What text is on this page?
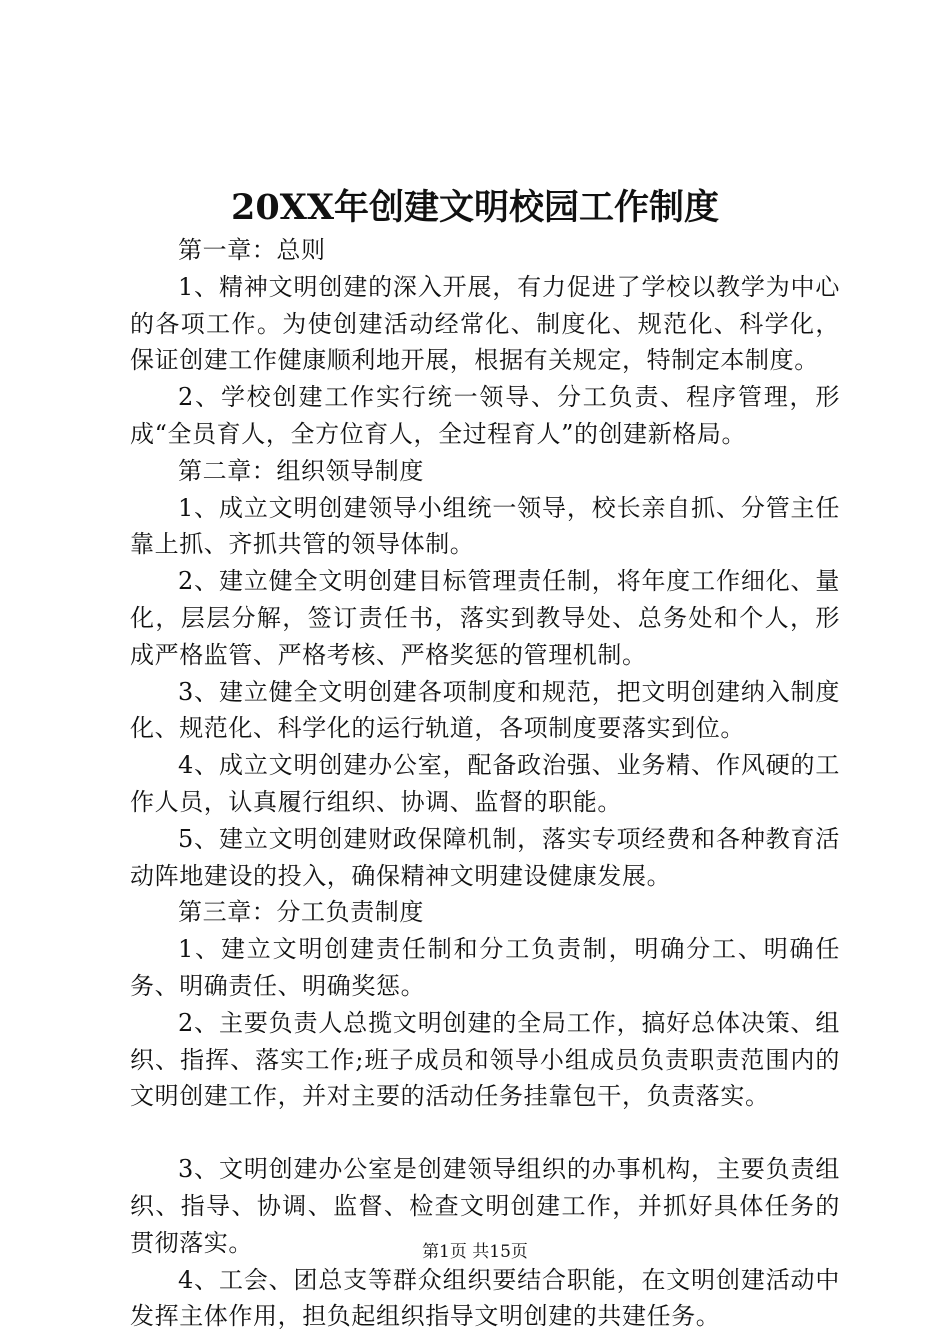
20XX年创建文明校园工作制度

第一章：总则

1、精神文明创建的深入开展，有力促进了学校以教学为中心的各项工作。为使创建活动经常化、制度化、规范化、科学化，保证创建工作健康顺利地开展，根据有关规定，特制定本制度。

2、学校创建工作实行统一领导、分工负责、程序管理，形成“全员育人，全方位育人，全过程育人”的创建新格局。

第二章：组织领导制度

1、成立文明创建领导小组统一领导，校长亲自抓、分管主任靠上抓、齐抓共管的领导体制。

2、建立健全文明创建目标管理责任制，将年度工作细化、量化，层层分解，签订责任书，落实到教导处、总务处和个人，形成严格监管、严格考核、严格奖惩的管理机制。

3、建立健全文明创建各项制度和规范，把文明创建纳入制度化、规范化、科学化的运行轨道，各项制度要落实到位。

4、成立文明创建办公室，配备政治强、业务精、作风硬的工作人员，认真履行组织、协调、监督的职能。

5、建立文明创建财政保障机制，落实专项经费和各种教育活动阵地建设的投入，确保精神文明建设健康发展。

第三章：分工负责制度

1、建立文明创建责任制和分工负责制，明确分工、明确任务、明确责任、明确奖惩。

2、主要负责人总揽文明创建的全局工作，搞好总体决策、组织、指挥、落实工作;班子成员和领导小组成员负责职责范围内的文明创建工作，并对主要的活动任务挂靠包干，负责落实。

3、文明创建办公室是创建领导组织的办事机构，主要负责组织、指导、协调、监督、检查文明创建工作，并抓好具体任务的贯彻落实。

4、工会、团总支等群众组织要结合职能，在文明创建活动中发挥主体作用，担负起组织指导文明创建的共建任务。

第1页 共15页
